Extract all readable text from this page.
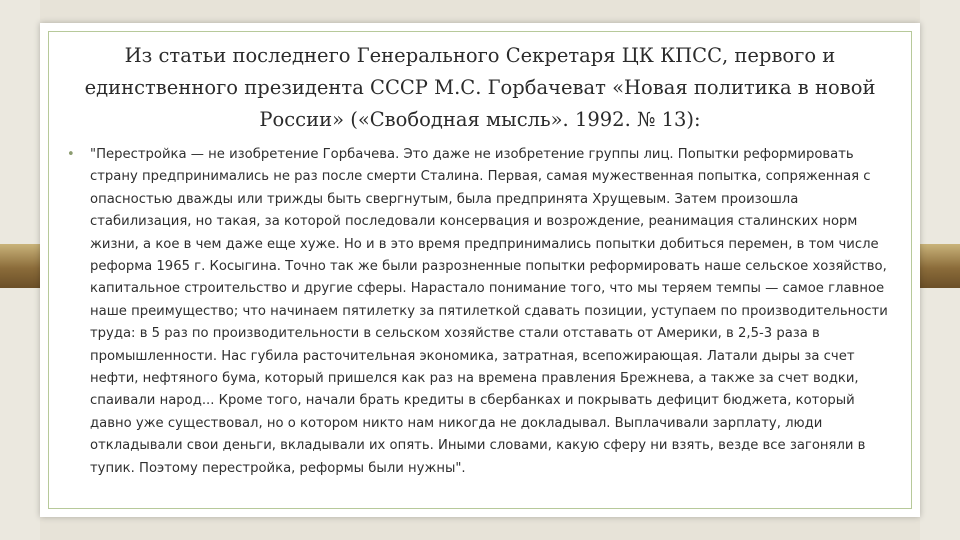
Из статьи последнего Генерального Секретаря ЦК КПСС, первого и единственного президента СССР М.С. Горбачеват «Новая политика в новой России» («Свободная мысль». 1992. № 13):
• "Перестройка — не изобретение Горбачева. Это даже не изобретение группы лиц. Попытки реформировать страну предпринимались не раз после смерти Сталина. Первая, самая мужественная попытка, сопряженная с опасностью дважды или трижды быть свергнутым, была предпринята Хрущевым. Затем произошла стабилизация, но такая, за которой последовали консервация и возрождение, реанимация сталинских норм жизни, а кое в чем даже еще хуже. Но и в это время предпринимались попытки добиться перемен, в том числе реформа 1965 г. Косыгина. Точно так же были разрозненные попытки реформировать наше сельское хозяйство, капитальное строительство и другие сферы. Нарастало понимание того, что мы теряем темпы — самое главное наше преимущество; что начинаем пятилетку за пятилеткой сдавать позиции, уступаем по производительности труда: в 5 раз по производительности в сельском хозяйстве стали отставать от Америки, в 2,5-3 раза в промышленности. Нас губила расточительная экономика, затратная, всепожирающая. Латали дыры за счет нефти, нефтяного бума, который пришелся как раз на времена правления Брежнева, а также за счет водки, спаивали народ... Кроме того, начали брать кредиты в сбербанках и покрывать дефицит бюджета, который давно уже существовал, но о котором никто нам никогда не докладывал. Выплачивали зарплату, люди откладывали свои деньги, вкладывали их опять. Иными словами, какую сферу ни взять, везде все загоняли в тупик. Поэтому перестройка, реформы были нужны".
